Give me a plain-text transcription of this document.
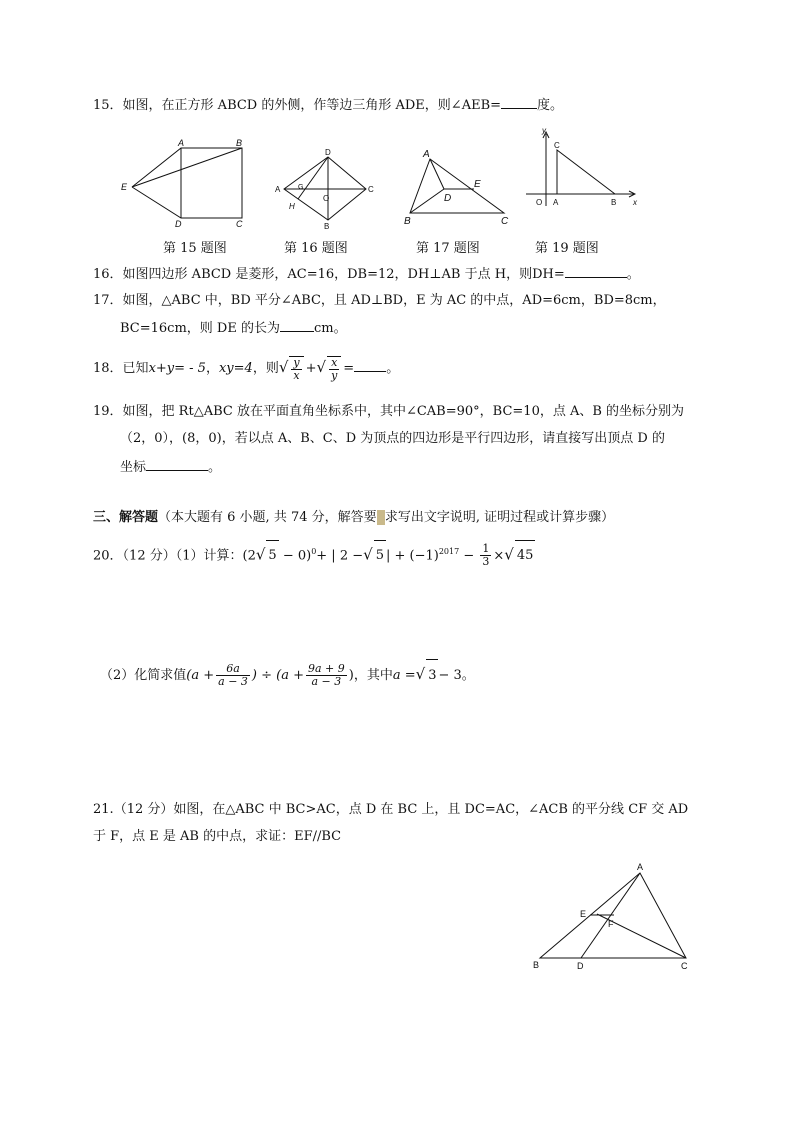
15．如图，在正方形 ABCD 的外侧，作等边三角形 ADE，则∠AEB=	度。
A	B
E
D	C
D
A	C
O
G
H
B
A
E
D
B	C
y
C
O A	B x
第 15 题图	第 16 题图	第 17 题图	第 19 题图
16．如图四边形 ABCD 是菱形，AC=16，DB=12，DH⊥AB 于点 H，则DH=	。
17．如图，△ABC 中，BD 平分∠ABC，且 AD⊥BD，E 为 AC 的中点，AD=6cm，BD=8cm，
BC=16cm，则 DE 的长为	cm。
18．已知x+y= - 5，xy=4，则√ $\frac{y}{x}$ +√ $\frac{x}{y}$ = 。
19．如图，把 Rt△ABC 放在平面直角坐标系中，其中∠CAB=90°，BC=10，点 A、B 的坐标分别为
（2，0），(8，0)，若以点 A、B、C、D 为顶点的四边形是平行四边形，请直接写出顶点 D 的
坐标	。
三、解答题（本大题有 6 小题, 共 74 分，解答要 求写出文字说明, 证明过程或计算步骤）
20．（12 分）（1）计算：(2√ 5 − 0)$^0$+ | 2 −√ 5 | + $(-1)^{2017} - \frac{1}{3}$ ×√ 45
（2）化简求值($a + \frac{6a}{a - 3}$ ) ÷ ($a + \frac{9a + 9}{a - 3}$ )，其中a =√ 3 − 3。
21.（12 分）如图，在△ABC 中 BC>AC，点 D 在 BC 上，且 DC=AC，∠ACB 的平分线 CF 交 AD
于 F，点 E 是 AB 的中点，求证：EF//BC
A
E
F
B	D	C
